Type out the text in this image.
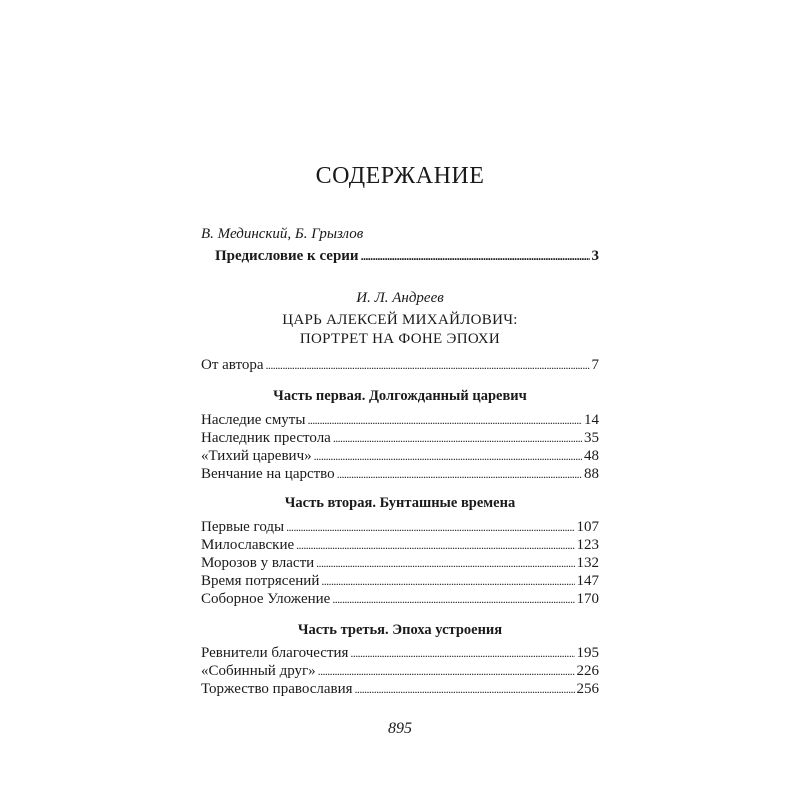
СОДЕРЖАНИЕ
В. Мединский, Б. Грызлов
Предисловие к серии . . .	3
И. Л. Андреев
ЦАРЬ АЛЕКСЕЙ МИХАЙЛОВИЧ:
ПОРТРЕТ НА ФОНЕ ЭПОХИ
От автора . . .	7
Часть первая. Долгожданный царевич
Наследие смуты . . .	14
Наследник престола . . .	35
«Тихий царевич» . . .	48
Венчание на царство . . .	88
Часть вторая. Бунташные времена
Первые годы . . .	107
Милославские . . .	123
Морозов у власти . . .	132
Время потрясений . . .	147
Соборное Уложение . . .	170
Часть третья. Эпоха устроения
Ревнители благочестия . . .	195
«Собинный друг» . . .	226
Торжество православия . . .	256
895
